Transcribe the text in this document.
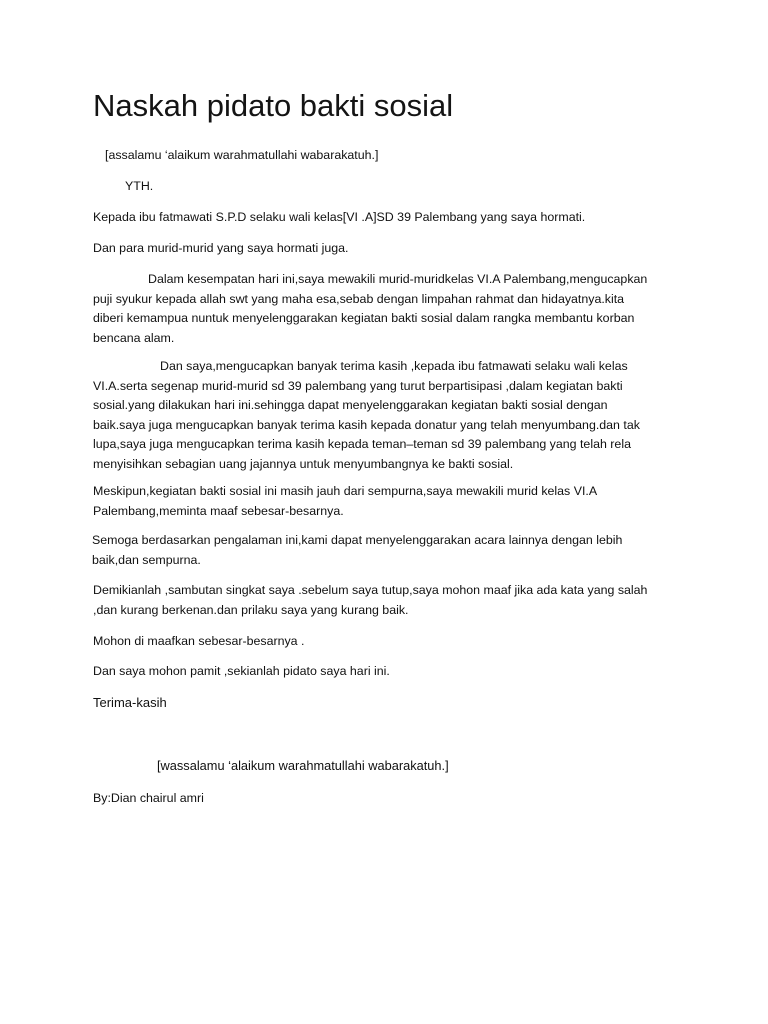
Naskah pidato bakti sosial

[assalamu ‘alaikum warahmatullahi wabarakatuh.]

YTH.

Kepada ibu fatmawati S.P.D selaku wali kelas[VI .A]SD 39 Palembang yang saya hormati.

Dan para murid-murid yang saya hormati juga.

Dalam kesempatan hari ini,saya mewakili murid-muridkelas VI.A Palembang,mengucapkan
puji syukur kepada allah swt yang maha esa,sebab dengan limpahan rahmat dan hidayatnya.kita
diberi kemampua nuntuk menyelenggarakan kegiatan bakti sosial dalam rangka membantu korban
bencana alam.
Dan saya,mengucapkan banyak terima kasih ,kepada ibu fatmawati selaku wali kelas
VI.A.serta segenap murid-murid sd 39 palembang yang turut berpartisipasi ,dalam kegiatan bakti
sosial.yang dilakukan hari ini.sehingga dapat menyelenggarakan kegiatan bakti sosial dengan
baik.saya juga mengucapkan banyak terima kasih kepada donatur yang telah menyumbang.dan tak
lupa,saya juga mengucapkan terima kasih kepada teman–teman sd 39 palembang yang telah rela
menyisihkan sebagian uang jajannya untuk menyumbangnya ke bakti sosial.
Meskipun,kegiatan bakti sosial ini masih jauh dari sempurna,saya mewakili murid kelas VI.A
Palembang,meminta maaf sebesar-besarnya.
Semoga berdasarkan pengalaman ini,kami dapat menyelenggarakan acara lainnya dengan lebih
baik,dan sempurna.
Demikianlah ,sambutan singkat saya .sebelum saya tutup,saya mohon maaf jika ada kata yang salah
,dan kurang berkenan.dan prilaku saya yang kurang baik.

Mohon di maafkan sebesar-besarnya .

Dan saya mohon pamit ,sekianlah pidato saya hari ini.

Terima-kasih

[wassalamu ‘alaikum warahmatullahi wabarakatuh.]

By:Dian chairul amri
